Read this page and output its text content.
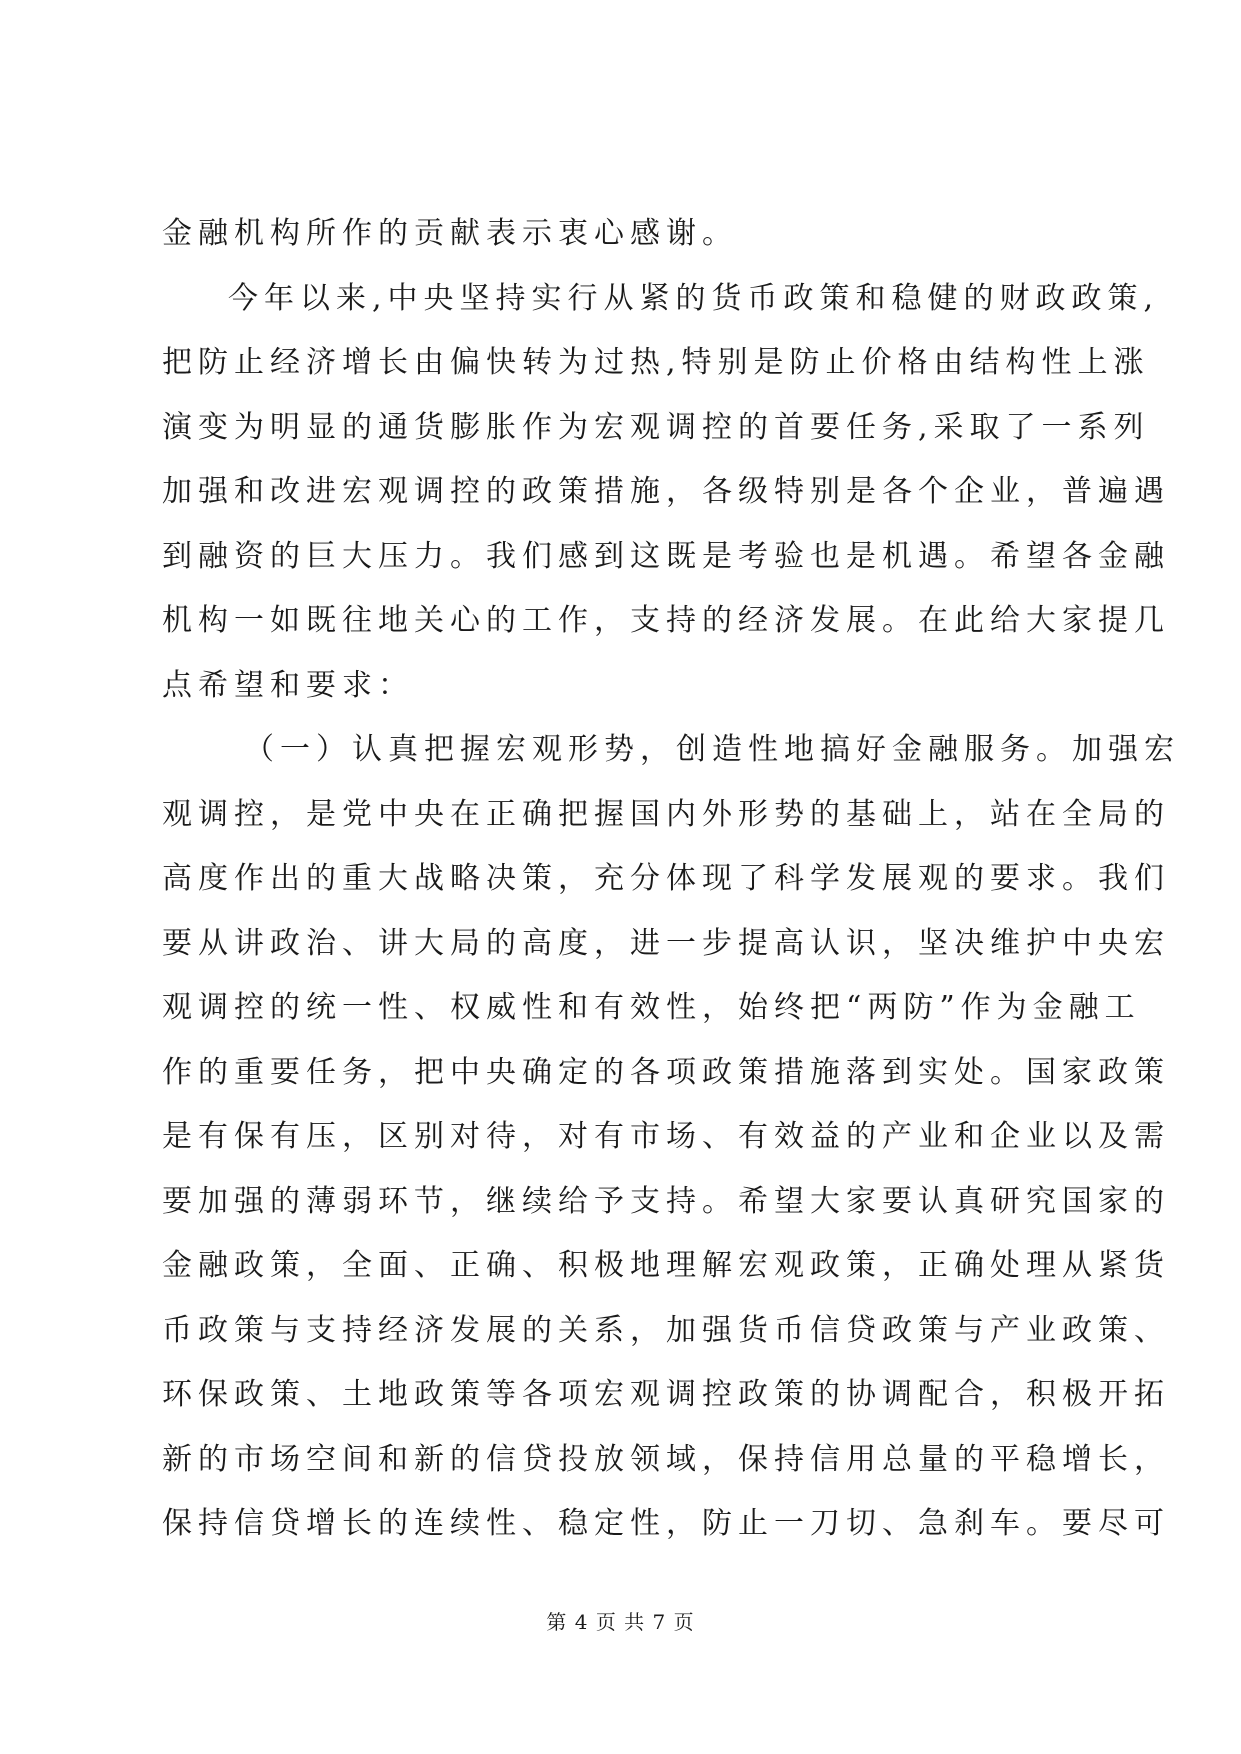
金融机构所作的贡献表示衷心感谢。
今年以来,中央坚持实行从紧的货币政策和稳健的财政政策,
把防止经济增长由偏快转为过热,特别是防止价格由结构性上涨
演变为明显的通货膨胀作为宏观调控的首要任务,采取了一系列
加强和改进宏观调控的政策措施，各级特别是各个企业，普遍遇
到融资的巨大压力。我们感到这既是考验也是机遇。希望各金融
机构一如既往地关心的工作，支持的经济发展。在此给大家提几
点希望和要求：
（一）认真把握宏观形势，创造性地搞好金融服务。加强宏
观调控，是党中央在正确把握国内外形势的基础上，站在全局的
高度作出的重大战略决策，充分体现了科学发展观的要求。我们
要从讲政治、讲大局的高度，进一步提高认识，坚决维护中央宏
观调控的统一性、权威性和有效性，始终把“两防”作为金融工
作的重要任务，把中央确定的各项政策措施落到实处。国家政策
是有保有压，区别对待，对有市场、有效益的产业和企业以及需
要加强的薄弱环节，继续给予支持。希望大家要认真研究国家的
金融政策，全面、正确、积极地理解宏观政策，正确处理从紧货
币政策与支持经济发展的关系，加强货币信贷政策与产业政策、
环保政策、土地政策等各项宏观调控政策的协调配合，积极开拓
新的市场空间和新的信贷投放领域，保持信用总量的平稳增长，
保持信贷增长的连续性、稳定性，防止一刀切、急刹车。要尽可
第 4 页 共 7 页
